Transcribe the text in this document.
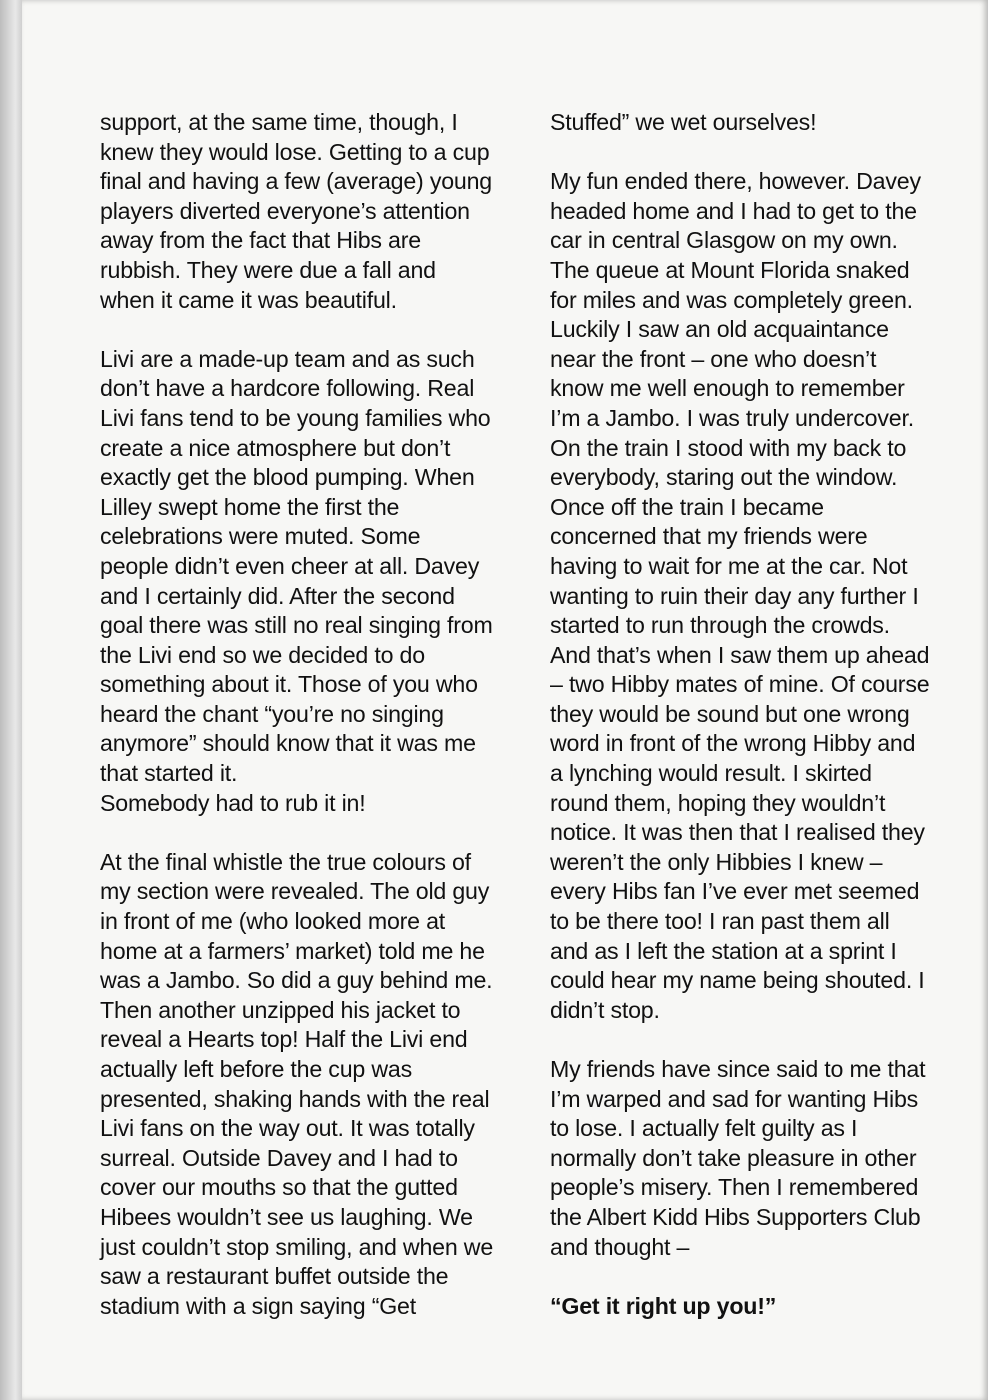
support, at the same time, though, I
knew they would lose. Getting to a cup
final and having a few (average) young
players diverted everyone’s attention
away from the fact that Hibs are
rubbish. They were due a fall and
when it came it was beautiful.
Livi are a made-up team and as such
don’t have a hardcore following. Real
Livi fans tend to be young families who
create a nice atmosphere but don’t
exactly get the blood pumping. When
Lilley swept home the first the
celebrations were muted. Some
people didn’t even cheer at all. Davey
and I certainly did. After the second
goal there was still no real singing from
the Livi end so we decided to do
something about it. Those of you who
heard the chant “you’re no singing
anymore” should know that it was me
that started it.
Somebody had to rub it in!
At the final whistle the true colours of
my section were revealed. The old guy
in front of me (who looked more at
home at a farmers’ market) told me he
was a Jambo. So did a guy behind me.
Then another unzipped his jacket to
reveal a Hearts top! Half the Livi end
actually left before the cup was
presented, shaking hands with the real
Livi fans on the way out. It was totally
surreal. Outside Davey and I had to
cover our mouths so that the gutted
Hibees wouldn’t see us laughing. We
just couldn’t stop smiling, and when we
saw a restaurant buffet outside the
stadium with a sign saying “Get
Stuffed” we wet ourselves!
My fun ended there, however. Davey
headed home and I had to get to the
car in central Glasgow on my own.
The queue at Mount Florida snaked
for miles and was completely green.
Luckily I saw an old acquaintance
near the front – one who doesn’t
know me well enough to remember
I’m a Jambo. I was truly undercover.
On the train I stood with my back to
everybody, staring out the window.
Once off the train I became
concerned that my friends were
having to wait for me at the car. Not
wanting to ruin their day any further I
started to run through the crowds.
And that’s when I saw them up ahead
– two Hibby mates of mine. Of course
they would be sound but one wrong
word in front of the wrong Hibby and
a lynching would result. I skirted
round them, hoping they wouldn’t
notice. It was then that I realised they
weren’t the only Hibbies I knew –
every Hibs fan I’ve ever met seemed
to be there too! I ran past them all
and as I left the station at a sprint I
could hear my name being shouted. I
didn’t stop.
My friends have since said to me that
I’m warped and sad for wanting Hibs
to lose. I actually felt guilty as I
normally don’t take pleasure in other
people’s misery. Then I remembered
the Albert Kidd Hibs Supporters Club
and thought –
“Get it right up you!”
